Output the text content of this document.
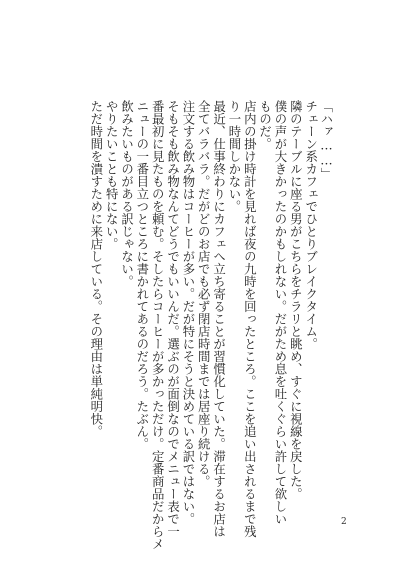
「ハァ……」

チェーン系カフェでひとりブレイクタイム。

隣のテーブルに座る男がこちらをチラリと眺め、すぐに視線を戻した。

僕の声が大きかったのかもしれない。だがため息を吐くぐらい許して欲しい

ものだ。

店内の掛け時計を見れば夜の九時を回ったところ。ここを追い出されるまで残

り一時間しかない。

最近、仕事終わりにカフェへ立ち寄ることが習慣化していた。滞在するお店は

全てバラバラ。だがどのお店でも必ず閉店時間までは居座り続ける。

注文する飲み物はコーヒーが多い。だが特にそうと決めている訳ではない。

そもそも飲み物なんてどうでもいいんだ。選ぶのが面倒なのでメニュー表で一

番最初に見たものを頼む。そしたらコーヒーが多かっただけ。定番商品だからメ

ニューの一番目立つところに書かれてあるのだろう。たぶん。

飲みたいものがある訳じゃない。

やりたいことも特にない。

ただ時間を潰すために来店している。その理由は単純明快。

2
